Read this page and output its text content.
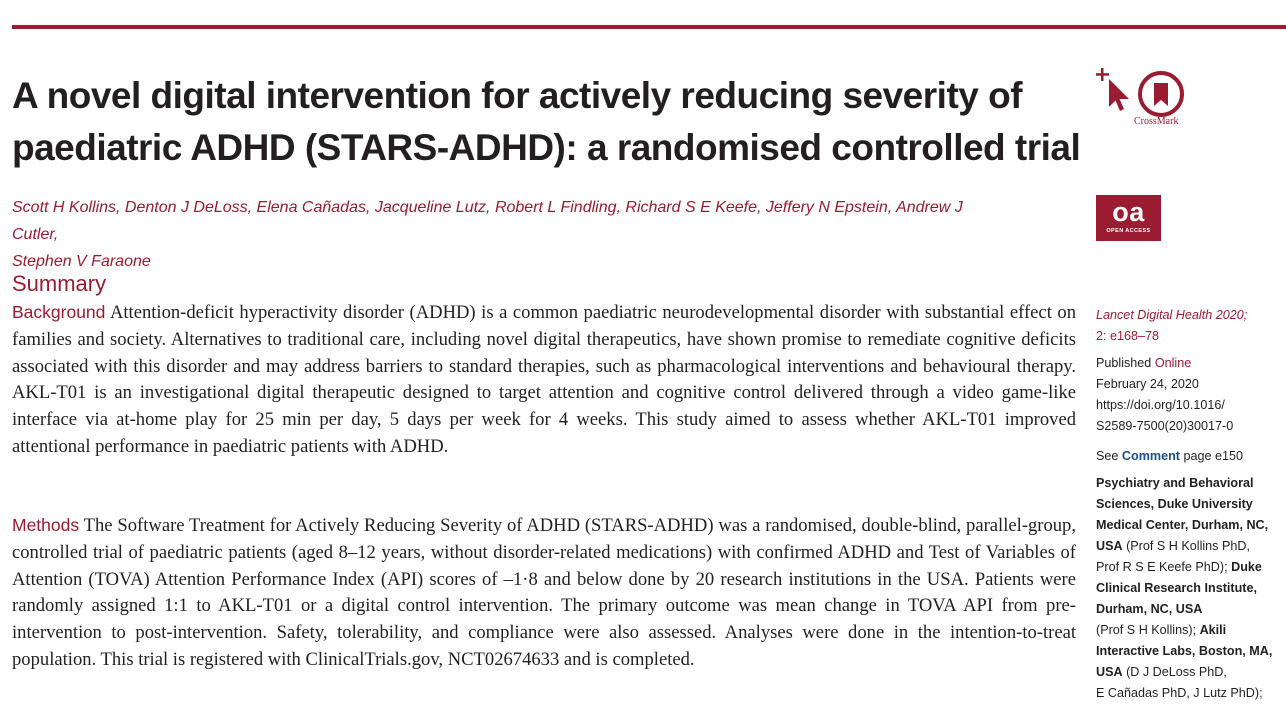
A novel digital intervention for actively reducing severity of
paediatric ADHD (STARS-ADHD): a randomised controlled trial
Scott H Kollins, Denton J DeLoss, Elena Cañadas, Jacqueline Lutz, Robert L Findling, Richard S E Keefe, Jeffery N Epstein, Andrew J Cutler,
Stephen V Faraone
Summary

Background Attention-deficit hyperactivity disorder (ADHD) is a common paediatric neurodevelopmental disorder with substantial effect on families and society. Alternatives to traditional care, including novel digital therapeutics, have shown promise to remediate cognitive deficits associated with this disorder and may address barriers to standard therapies, such as pharmacological interventions and behavioural therapy. AKL-T01 is an investigational digital therapeutic designed to target attention and cognitive control delivered through a video game-like interface via at-home play for 25 min per day, 5 days per week for 4 weeks. This study aimed to assess whether AKL-T01 improved attentional performance in paediatric patients with ADHD.

Methods The Software Treatment for Actively Reducing Severity of ADHD (STARS-ADHD) was a randomised, double-blind, parallel-group, controlled trial of paediatric patients (aged 8–12 years, without disorder-related medications) with confirmed ADHD and Test of Variables of Attention (TOVA) Attention Performance Index (API) scores of –1·8 and below done by 20 research institutions in the USA. Patients were randomly assigned 1:1 to AKL-T01 or a digital control intervention. The primary outcome was mean change in TOVA API from pre-intervention to post-intervention. Safety, tolerability, and compliance were also assessed. Analyses were done in the intention-to-treat population. This trial is registered with ClinicalTrials.gov, NCT02674633 and is completed.

CrossMark
oa
OPEN ACCESS
Lancet Digital Health 2020;
2: e168–78
Published Online
February 24, 2020
https://doi.org/10.1016/
S2589-7500(20)30017-0
See Comment page e150
Psychiatry and Behavioral
Sciences, Duke University
Medical Center, Durham, NC,
USA (Prof S H Kollins PhD,
Prof R S E Keefe PhD); Duke
Clinical Research Institute,
Durham, NC, USA
(Prof S H Kollins); Akili
Interactive Labs, Boston, MA,
USA (D J DeLoss PhD,
E Cañadas PhD, J Lutz PhD);
